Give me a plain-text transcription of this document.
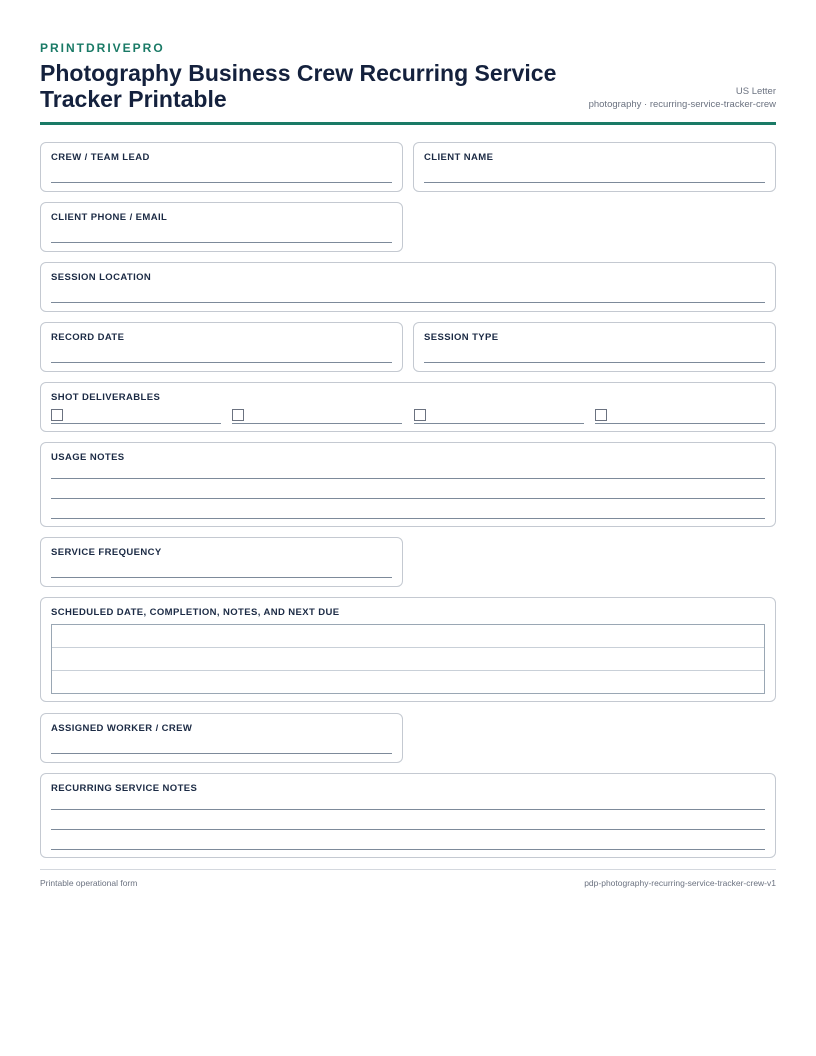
PRINTDRIVEPRO
Photography Business Crew Recurring Service Tracker Printable	US Letter
photography · recurring-service-tracker-crew
CREW / TEAM LEAD	CLIENT NAME
CLIENT PHONE / EMAIL
SESSION LOCATION
RECORD DATE	SESSION TYPE
SHOT DELIVERABLES
USAGE NOTES
SERVICE FREQUENCY
SCHEDULED DATE, COMPLETION, NOTES, AND NEXT DUE
ASSIGNED WORKER / CREW
RECURRING SERVICE NOTES
Printable operational form	pdp-photography-recurring-service-tracker-crew-v1
